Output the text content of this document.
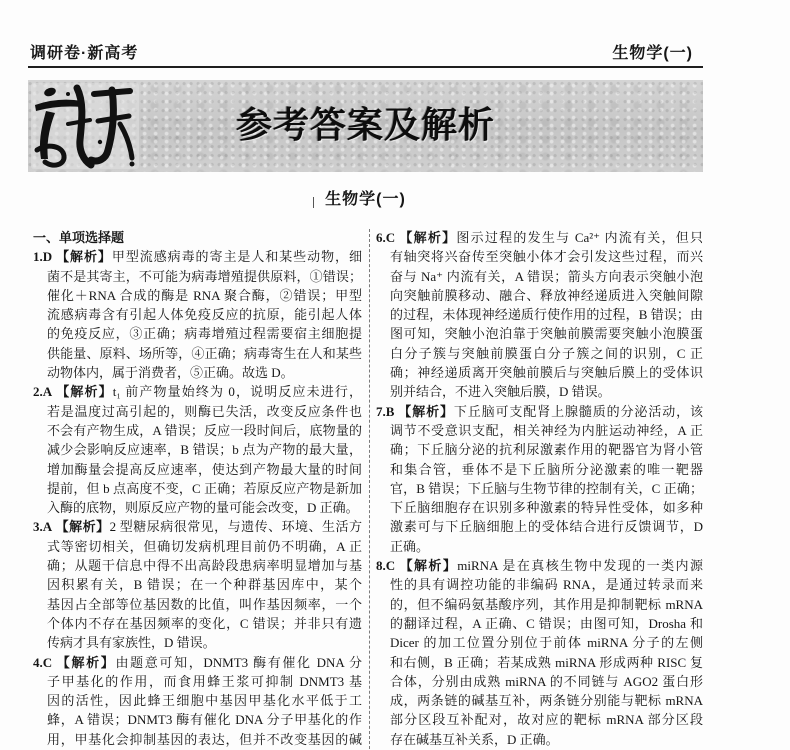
调研卷·新高考	生物学(一)
参考答案及解析
生物学(一)
一、单项选择题
1.D 【解析】甲型流感病毒的寄主是人和某些动物，细
菌不是其寄主，不可能为病毒增殖提供原料，①错误；
催化＋RNA 合成的酶是 RNA 聚合酶，②错误；甲型
流感病毒含有引起人体免疫反应的抗原，能引起人体
的免疫反应，③正确；病毒增殖过程需要宿主细胞提
供能量、原料、场所等，④正确；病毒寄生在人和某些
动物体内，属于消费者，⑤正确。故选 D。
2.A 【解析】t₁ 前产物量始终为 0，说明反应未进行，
若是温度过高引起的，则酶已失活，改变反应条件也
不会有产物生成，A 错误；反应一段时间后，底物量的
减少会影响反应速率，B 错误；b 点为产物的最大量，
增加酶量会提高反应速率，使达到产物最大量的时间
提前，但 b 点高度不变，C 正确；若原反应产物是新加
入酶的底物，则原反应产物的量可能会改变，D 正确。
3.A 【解析】2 型糖尿病很常见，与遗传、环境、生活方
式等密切相关，但确切发病机理目前仍不明确，A 正
确；从题干信息中得不出高龄段患病率明显增加与基
因积累有关，B 错误；在一个种群基因库中，某个
基因占全部等位基因数的比值，叫作基因频率，一个
个体内不存在基因频率的变化，C 错误；并非只有遗
传病才具有家族性，D 错误。
4.C 【解析】由题意可知，DNMT3 酶有催化 DNA 分
子甲基化的作用，而食用蜂王浆可抑制 DNMT3 基
因的活性，因此蜂王细胞中基因甲基化水平低于工
蜂，A 错误；DNMT3 酶有催化 DNA 分子甲基化的作
用，甲基化会抑制基因的表达，但并不改变基因的碱
6.C 【解析】图示过程的发生与 Ca²⁺ 内流有关，但只
有轴突将兴奋传至突触小体才会引发这些过程，而兴
奋与 Na⁺ 内流有关，A 错误；箭头方向表示突触小泡
向突触前膜移动、融合、释放神经递质进入突触间隙
的过程，未体现神经递质行使作用的过程，B 错误；由
图可知，突触小泡泊靠于突触前膜需要突触小泡膜蛋
白分子簇与突触前膜蛋白分子簇之间的识别，C 正
确；神经递质离开突触前膜后与突触后膜上的受体识
别并结合，不进入突触后膜，D 错误。
7.B 【解析】下丘脑可支配肾上腺髓质的分泌活动，该
调节不受意识支配，相关神经为内脏运动神经，A 正
确；下丘脑分泌的抗利尿激素作用的靶器官为肾小管
和集合管，垂体不是下丘脑所分泌激素的唯一靶器
官，B 错误；下丘脑与生物节律的控制有关，C 正确；
下丘脑细胞存在识别多种激素的特异性受体，如多种
激素可与下丘脑细胞上的受体结合进行反馈调节，D
正确。
8.C 【解析】miRNA 是在真核生物中发现的一类内源
性的具有调控功能的非编码 RNA，是通过转录而来
的，但不编码氨基酸序列，其作用是抑制靶标 mRNA
的翻译过程，A 正确、C 错误；由图可知，Drosha 和
Dicer 的加工位置分别位于前体 miRNA 分子的左侧
和右侧，B 正确；若某成熟 miRNA 形成两种 RISC 复
合体，分别由成熟 miRNA 的不同链与 AGO2 蛋白形
成，两条链的碱基互补，两条链分别能与靶标 mRNA
部分区段互补配对，故对应的靶标 mRNA 部分区段
存在碱基互补关系，D 正确。
